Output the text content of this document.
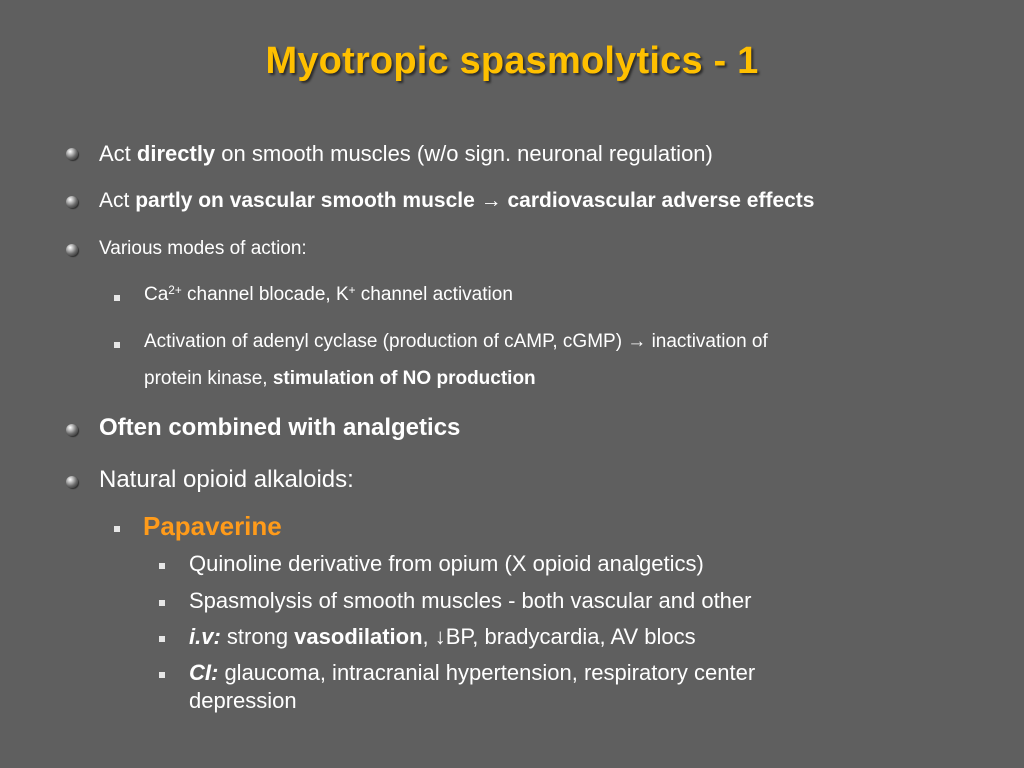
Myotropic spasmolytics - 1
Act directly on smooth muscles (w/o sign. neuronal regulation)
Act partly on vascular smooth muscle → cardiovascular adverse effects
Various modes of action:
$Ca^{2+}$ channel blocade, K+ channel activation
Activation of adenyl cyclase (production of cAMP, cGMP) → inactivation of
protein kinase, stimulation of NO production
Often combined with analgetics
Natural opioid alkaloids:
Papaverine
Quinoline derivative from opium (X opioid analgetics)
Spasmolysis of smooth muscles - both vascular and other
i.v: strong vasodilation, ↓BP, bradycardia, AV blocs
CI: glaucoma, intracranial hypertension, respiratory center
depression
